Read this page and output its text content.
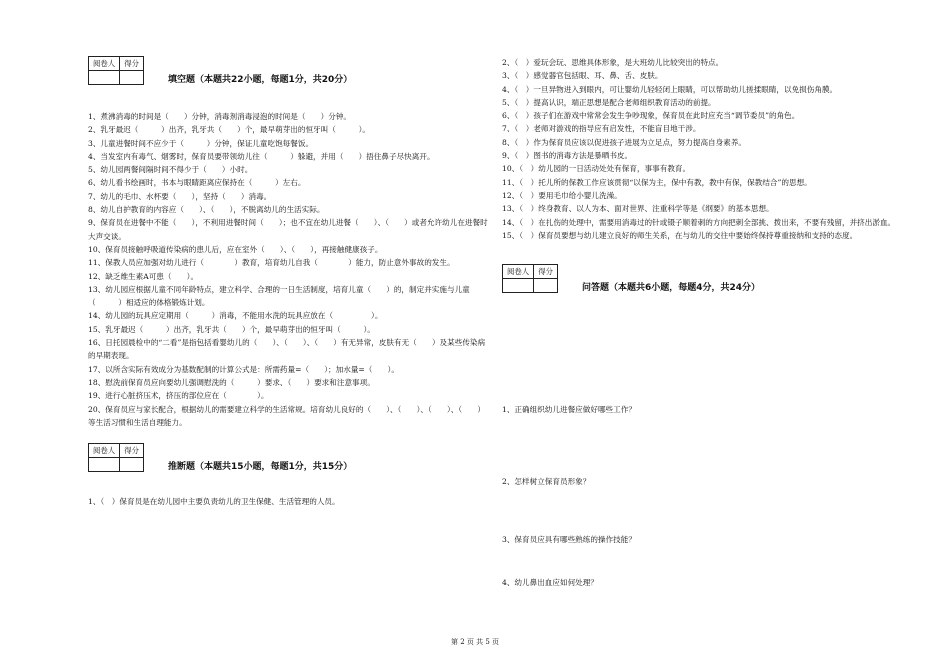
阅卷人	得分

填空题（本题共22小题，每题1分，共20分）
1、煮沸消毒的时间是（　　）分钟，消毒剂消毒浸泡的时间是（　　）分钟。
2、乳牙最迟（　　　）出齐，乳牙共（　　）个，最早萌芽出的恒牙叫（　　　）。
3、儿童进餐时间不应少于（　　　）分钟，保证儿童吃饱每餐饭。
4、当发室内有毒气、烟雾时，保育员要带领幼儿往（　　　）躲避，并用（　　）捂住鼻子尽快离开。
5、幼儿园两餐间隔时间不得少于（　　）小时。
6、幼儿看书绘画时，书本与眼睛距离应保持在（　　　）左右。
7、幼儿的毛巾、水杯要（　　），坚持（　　）消毒。
8、幼儿自护教育的内容应（　　）、（　　），不脱离幼儿的生活实际。
9、保育员在进餐中不能（　　），不利用进餐时间（　　）；也不宜在幼儿进餐（　　）、（　　）或者允许幼儿在进餐时大声交谈。
10、保育员接触呼吸道传染病的患儿后，应在室外（　　）、（　　），再接触健康孩子。
11、保教人员应加强对幼儿进行（　　　　）教育，培育幼儿自我（　　　　）能力，防止意外事故的发生。
12、缺乏维生素A可患（　　）。
13、幼儿园应根据儿童不同年龄特点，建立科学、合理的一日生活制度，培育儿童（　　）的，制定并实施与儿童（　　　）相适应的体格锻炼计划。
14、幼儿园的玩具应定期用（　　　）消毒，不能用水洗的玩具应放在（　　　　　）。
15、乳牙最迟（　　　）出齐，乳牙共（　　）个，最早萌芽出的恒牙叫（　　　）。
16、日托园晨检中的“二看”是指包括看婴幼儿的（　　）、（　　）、（　　）有无异常，皮肤有无（　　）及某些传染病的早期表现。
17、以所含实际有效成分为基数配制的计算公式是：所需药量=（　　）；加水量=（　　）。
18、慰洗前保育员应向要幼儿强调慰洗的（　　　）要求、（　　）要求和注意事项。
19、进行心脏挤压术，挤压的部位应在（　　　　）。
20、保育员应与家长配合，根据幼儿的需要建立科学的生活常规。培育幼儿良好的（　　）、（　　）、（　　）、（　　）等生活习惯和生活自理能力。
阅卷人	得分

推断题（本题共15小题，每题1分，共15分）
1、（　）保育员是在幼儿园中主要负责幼儿的卫生保健、生活管理的人员。
2、（　）爱玩会玩、思维具体形象，是大班幼儿比较突出的特点。
3、（　）感觉器官包括眼、耳、鼻、舌、皮肤。
4、（　）一旦异物进入到眼内，可让婴幼儿轻轻闭上眼睛，可以帮助幼儿搓揉眼睛，以免损伤角膜。
5、（　）提高认识，端正思想是配合老师组织教育活动的前提。
6、（　）孩子们在游戏中常常会发生争吵现象，保育员在此时应充当“调节委员”的角色。
7、（　）老师对游戏的指导应有启发性，不能盲目地干涉。
8、（　）作为保育员应该以促进孩子进展为立足点，努力提高自身素养。
9、（　）图书的消毒方法是暴晒书皮。
10、（　）幼儿园的一日活动处处有保育，事事有教育。
11、（　）托儿所的保教工作应该贯彻“以保为主，保中有教，教中有保，保教结合”的思想。
12、（　）要用毛巾给小婴儿洗澡。
13、（　）终身教育、以人为本、面对世界、注重科学等是《纲要》的基本思想。
14、（　）在扎伤的处理中，需要用消毒过的针或镊子顺着刺的方向把刺全部挑、拨出来，不要有残留，并挤出淤血。
15、（　）保育员要想与幼儿建立良好的师生关系，在与幼儿的交往中要始终保持尊重接纳和支持的态度。
阅卷人	得分

问答题（本题共6小题，每题4分，共24分）
1、正确组织幼儿进餐应做好哪些工作？
2、怎样树立保育员形象？
3、保育员应具有哪些熟练的操作技能？
4、幼儿鼻出血应如何处理？
第 2 页 共 5 页
